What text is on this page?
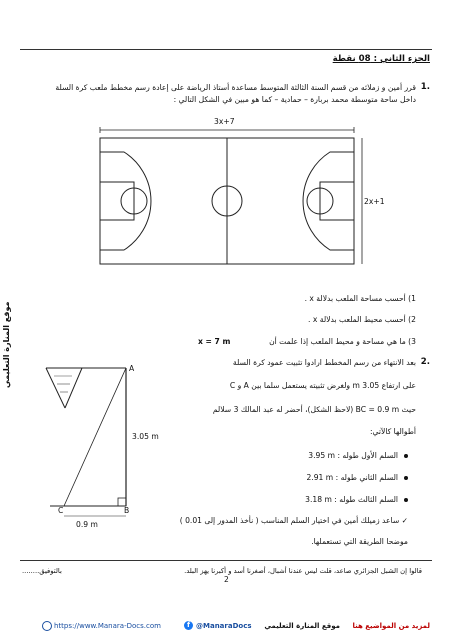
الجزء الثاني : 08 نقطة
1.
قرر أمين و زملائه من قسم السنة الثالثة المتوسط مساعدة أستاذ الرياضة على إعادة رسم مخطط ملعب كرة السلة
داخل ساحة متوسطة محمد بربارة – حمادية – كما هو مبين في الشكل التالي :
3x+7
2x+1
1) أحسب مساحة الملعب بدلالة x .
2) أحسب محيط الملعب بدلالة x .
3) ما هي مساحة و محيط الملعب إذا علمت أن
x = 7 m
2.
بعد الانتهاء من رسم المخطط ارادوا تثبيت عمود كرة السلة
على ارتفاع m 3.05 ولغرض تثبيته يستعمل سلما بين A و C
حيث BC = 0.9 m (لاحظ الشكل)، أحضر له عبد المالك 3 سلالم
أطوالها كالآتي:
السلم الأول طوله : 3.95 m
السلم الثاني طوله : 2.91 m
السلم الثالث طوله : 3.18 m
✓ ساعد زميلك أمين في اختيار السلم المناسب ( نأخذ المدور إلى 0.01 )
موضحا الطريقة التي تستعملها.
A
3.05 m
B
C
0.9 m
قالوا إن الشبل الجزائري صاعد، قلت ليس عندنا أشبال، أصغرنا أسد و أكبرنا يهز البلد.
بالتوفيق........
2
موقع المنارة التعليمي
لمزيد من المواضيع هنا
موقع المنارة التعليمي
@ManaraDocs
f
https://www.Manara-Docs.com
